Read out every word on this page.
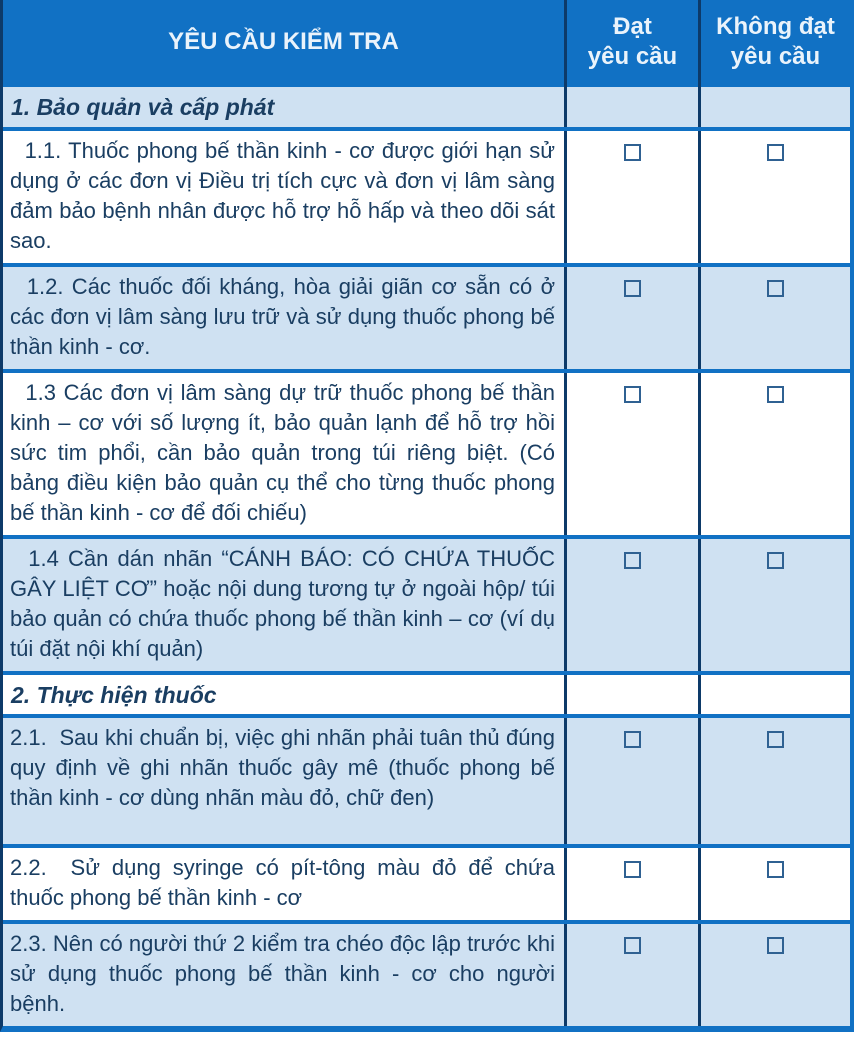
YÊU CẦU KIỂM TRA
Đạt
yêu cầu
Không đạt
yêu cầu
1. Bảo quản và cấp phát
1.1. Thuốc phong bế thần kinh - cơ được giới hạn sử dụng ở các đơn vị Điều trị tích cực và đơn vị lâm sàng đảm bảo bệnh nhân được hỗ trợ hỗ hấp và theo dõi sát sao.
1.2. Các thuốc đối kháng, hòa giải giãn cơ sẵn có ở các đơn vị lâm sàng lưu trữ và sử dụng thuốc phong bế thần kinh - cơ.
1.3 Các đơn vị lâm sàng dự trữ thuốc phong bế thần kinh – cơ với số lượng ít, bảo quản lạnh để hỗ trợ hồi sức tim phổi, cần bảo quản trong túi riêng biệt. (Có bảng điều kiện bảo quản cụ thể cho từng thuốc phong bế thần kinh - cơ để đối chiếu)
1.4 Cần dán nhãn “CÁNH BÁO: CÓ CHỨA THUỐC GÂY LIỆT CƠ” hoặc nội dung tương tự ở ngoài hộp/ túi bảo quản có chứa thuốc phong bế thần kinh – cơ (ví dụ túi đặt nội khí quản)
2. Thực hiện thuốc
2.1.  Sau khi chuẩn bị, việc ghi nhãn phải tuân thủ đúng quy định về ghi nhãn thuốc gây mê (thuốc phong bế thần kinh - cơ dùng nhãn màu đỏ, chữ đen)
2.2.  Sử dụng syringe có pít-tông màu đỏ để chứa thuốc phong bế thần kinh - cơ
2.3. Nên có người thứ 2 kiểm tra chéo độc lập trước khi sử dụng thuốc phong bế thần kinh - cơ cho người bệnh.
